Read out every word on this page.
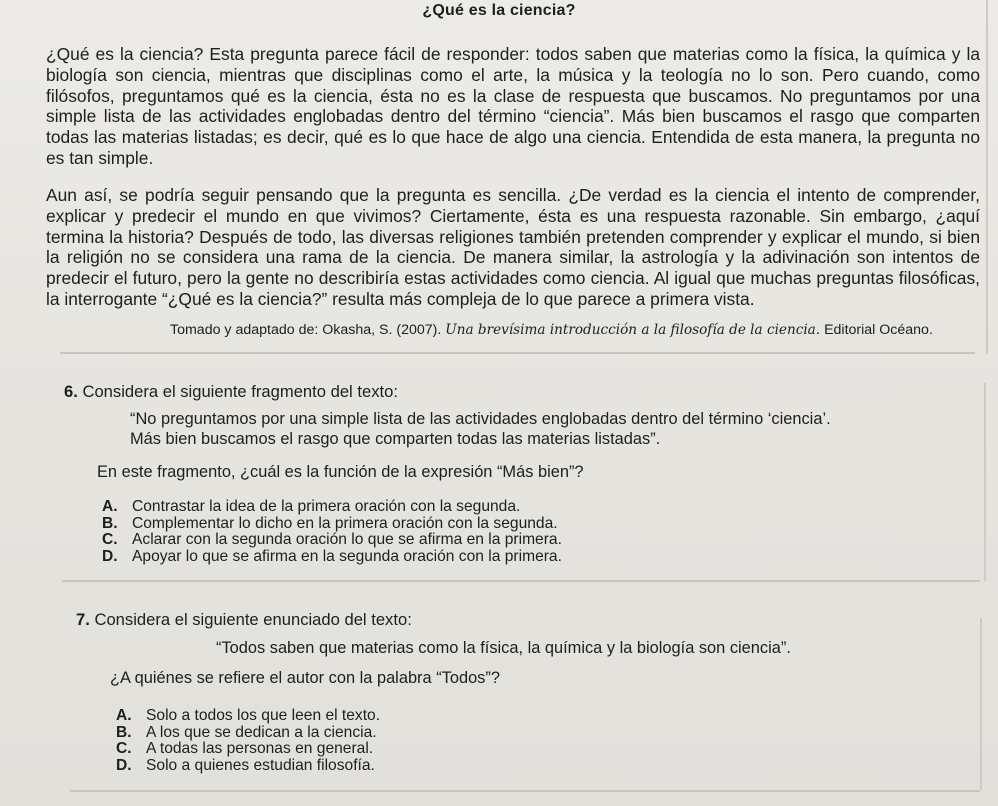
¿Qué es la ciencia?

¿Qué es la ciencia? Esta pregunta parece fácil de responder: todos saben que materias como la física, la química y la biología son ciencia, mientras que disciplinas como el arte, la música y la teología no lo son. Pero cuando, como filósofos, preguntamos qué es la ciencia, ésta no es la clase de respuesta que buscamos. No preguntamos por una simple lista de las actividades englobadas dentro del término “ciencia”. Más bien buscamos el rasgo que comparten todas las materias listadas; es decir, qué es lo que hace de algo una ciencia. Entendida de esta manera, la pregunta no es tan simple.

Aun así, se podría seguir pensando que la pregunta es sencilla. ¿De verdad es la ciencia el intento de comprender, explicar y predecir el mundo en que vivimos? Ciertamente, ésta es una respuesta razonable. Sin embargo, ¿aquí termina la historia? Después de todo, las diversas religiones también pretenden comprender y explicar el mundo, si bien la religión no se considera una rama de la ciencia. De manera similar, la astrología y la adivinación son intentos de predecir el futuro, pero la gente no describiría estas actividades como ciencia. Al igual que muchas preguntas filosóficas, la interrogante “¿Qué es la ciencia?” resulta más compleja de lo que parece a primera vista.

Tomado y adaptado de: Okasha, S. (2007). Una brevísima introducción a la filosofía de la ciencia. Editorial Océano.
6. Considera el siguiente fragmento del texto:
“No preguntamos por una simple lista de las actividades englobadas dentro del término ‘ciencia’.
Más bien buscamos el rasgo que comparten todas las materias listadas”.
En este fragmento, ¿cuál es la función de la expresión “Más bien”?
A. Contrastar la idea de la primera oración con la segunda.
B. Complementar lo dicho en la primera oración con la segunda.
C. Aclarar con la segunda oración lo que se afirma en la primera.
D. Apoyar lo que se afirma en la segunda oración con la primera.
7. Considera el siguiente enunciado del texto:
“Todos saben que materias como la física, la química y la biología son ciencia”.
¿A quiénes se refiere el autor con la palabra “Todos”?
A. Solo a todos los que leen el texto.
B. A los que se dedican a la ciencia.
C. A todas las personas en general.
D. Solo a quienes estudian filosofía.
